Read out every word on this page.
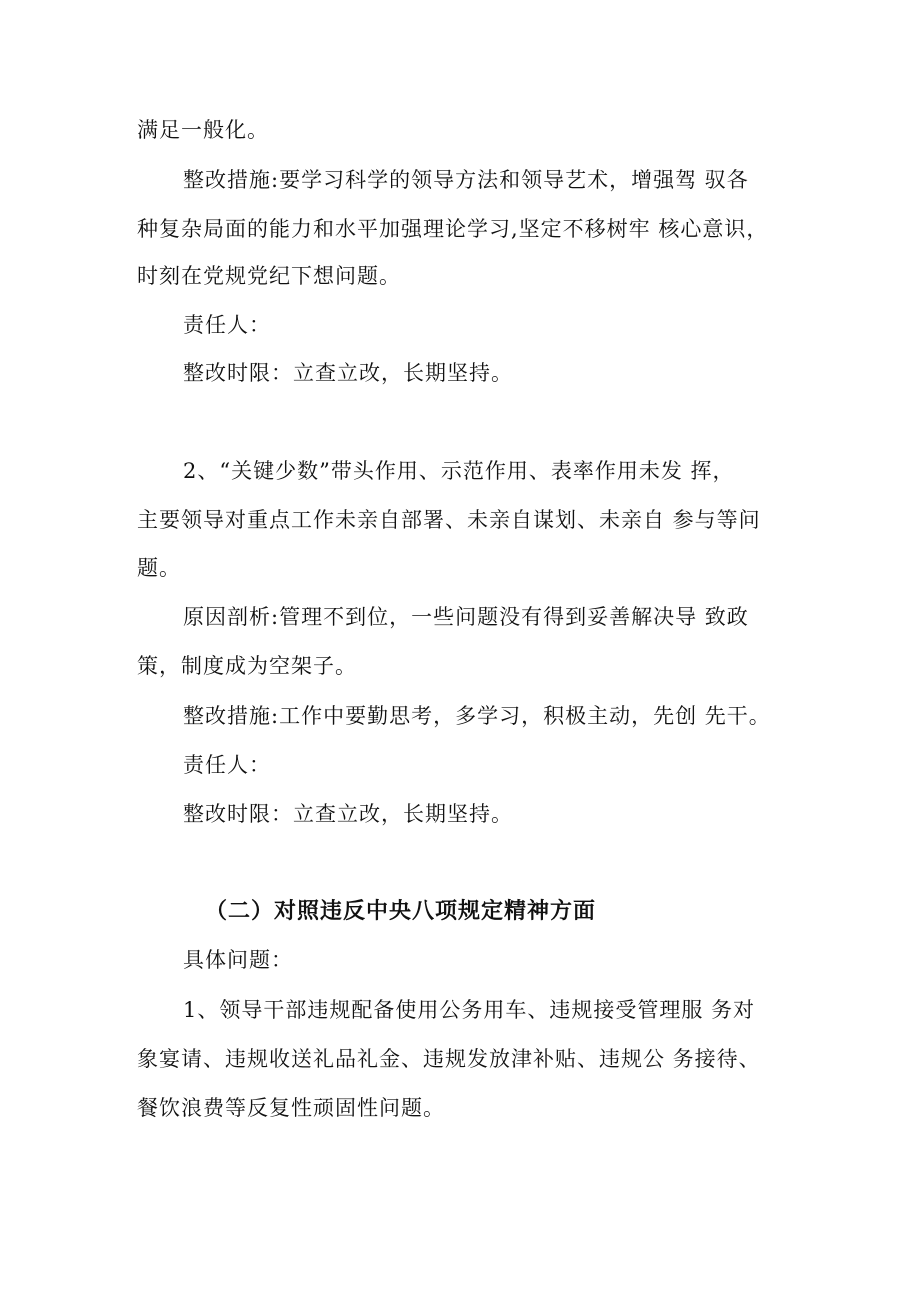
满足一般化。
整改措施:要学习科学的领导方法和领导艺术，增强驾 驭各
种复杂局面的能力和水平加强理论学习,坚定不移树牢 核心意识，
时刻在党规党纪下想问题。
责任人：
整改时限：立查立改，长期坚持。
2、“关键少数”带头作用、示范作用、表率作用未发 挥，
主要领导对重点工作未亲自部署、未亲自谋划、未亲自 参与等问
题。
原因剖析:管理不到位，一些问题没有得到妥善解决导 致政
策，制度成为空架子。
整改措施:工作中要勤思考，多学习，积极主动，先创 先干。
责任人：
整改时限：立查立改，长期坚持。
（二）对照违反中央八项规定精神方面
具体问题：
1、领导干部违规配备使用公务用车、违规接受管理服 务对
象宴请、违规收送礼品礼金、违规发放津补贴、违规公 务接待、
餐饮浪费等反复性顽固性问题。
